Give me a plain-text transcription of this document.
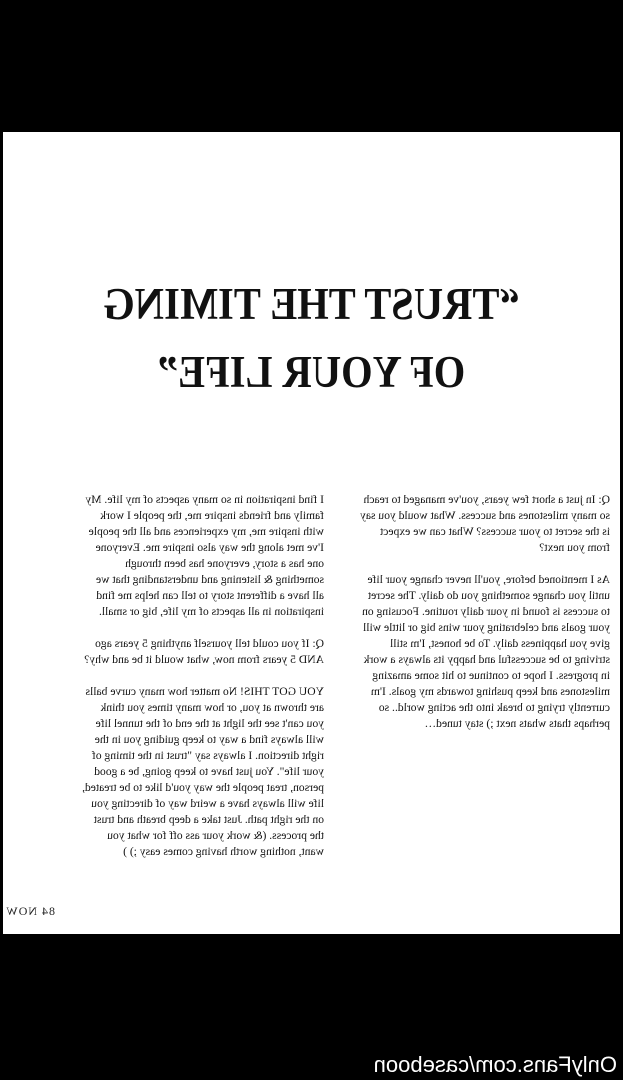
“TRUST THE TIMING
OF YOUR LIFE”

I find inspiration in so many aspects of my life. My family and friends inspire me, the people I work with inspire me, my experiences and all the people I've met along the way also inspire me. Everyone one has a story, everyone has been through something & listening and understanding that we all have a different story to tell can helps me find inspiration in all aspects of my life, big or small.

Q: If you could tell yourself anything 5 years ago AND 5 years from now, what would it be and why?

YOU GOT THIS! No matter how many curve balls are thrown at you, or how many times you think you can't see the light at the end of the tunnel life will always find a way to keep guiding you in the right direction. I always say "trust in the timing of your life". You just have to keep going, be a good person, treat people the way you'd like to be treated, life will always have a weird way of directing you on the right path. Just take a deep breath and trust the process. (& work your ass off for what you want, nothing worth having comes easy ;) )

Q: In just a short few years, you've managed to reach so many milestones and success. What would you say is the secret to your success? What can we expect from you next?

As I mentioned before, you'll never change your life until you change something you do daily. The secret to success is found in your daily routine. Focusing on your goals and celebrating your wins big or little will give you happiness daily. To be honest, I'm still striving to be successful and happy its always a work in progress. I hope to continue to hit some amazing milestones and keep pushing towards my goals. I'm currently trying to break into the acting world.. so perhaps thats whats next ;) stay tuned…

84 NOW
OnlyFans.com/caseboon
